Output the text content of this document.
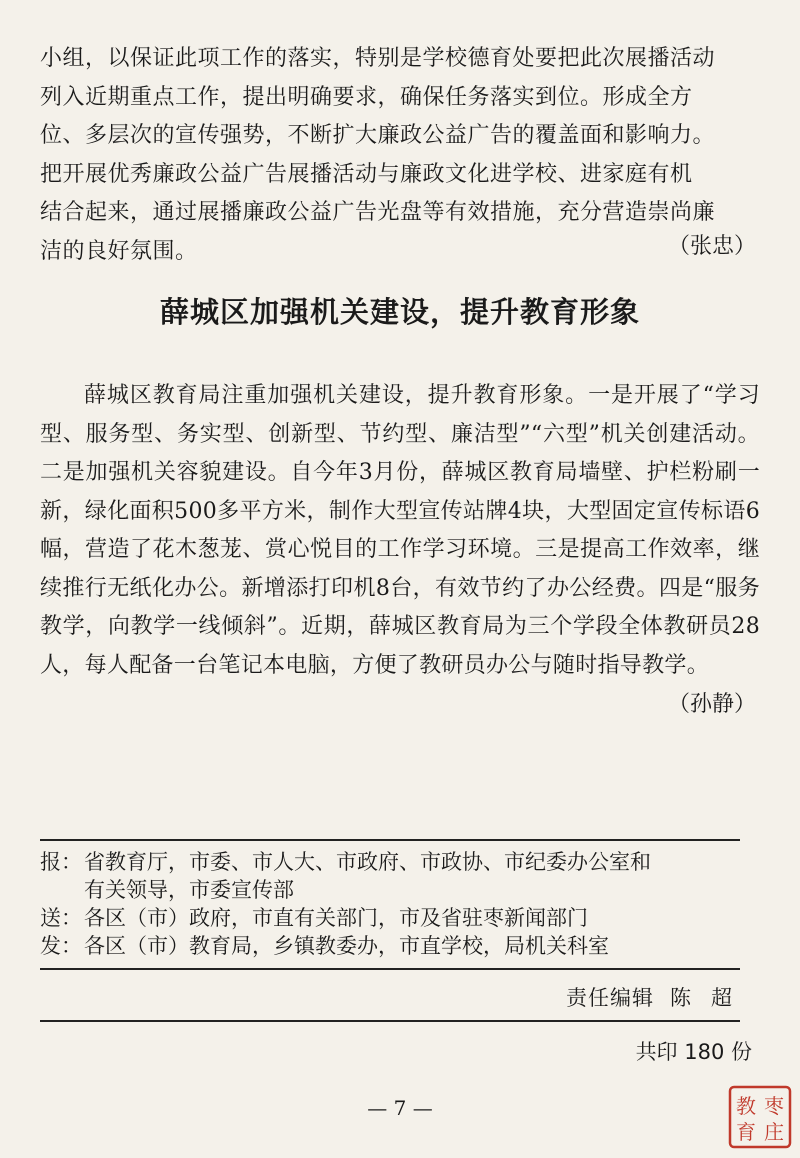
小组，以保证此项工作的落实，特别是学校德育处要把此次展播活动

列入近期重点工作，提出明确要求，确保任务落实到位。形成全方

位、多层次的宣传强势，不断扩大廉政公益广告的覆盖面和影响力。

把开展优秀廉政公益广告展播活动与廉政文化进学校、进家庭有机

结合起来，通过展播廉政公益广告光盘等有效措施，充分营造崇尚廉

洁的良好氛围。	（张忠）
薛城区加强机关建设，提升教育形象

薛城区教育局注重加强机关建设，提升教育形象。一是开展了“学习型、服务型、务实型、创新型、节约型、廉洁型”“六型”机关创建活动。二是加强机关容貌建设。自今年3月份，薛城区教育局墙壁、护栏粉刷一新，绿化面积500多平方米，制作大型宣传站牌4块，大型固定宣传标语6幅，营造了花木葱茏、赏心悦目的工作学习环境。三是提高工作效率，继续推行无纸化办公。新增添打印机8台，有效节约了办公经费。四是“服务教学，向教学一线倾斜”。近期，薛城区教育局为三个学段全体教研员28人，每人配备一台笔记本电脑，方便了教研员办公与随时指导教学。

（孙静）
报： 省教育厅，市委、市人大、市政府、市政协、市纪委办公室和
有关领导，市委宣传部
送： 各区（市）政府，市直有关部门，市及省驻枣新闻部门
发： 各区（市）教育局，乡镇教委办，市直学校，局机关科室
责任编辑 陈超
共印 180 份
— 7 —	枣
庄
教
育
